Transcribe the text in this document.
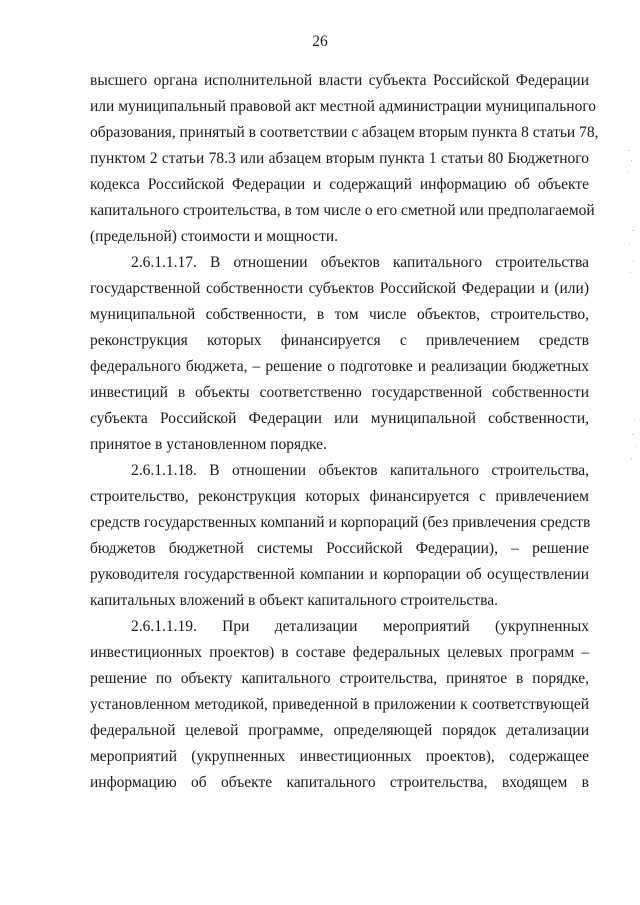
26
высшего органа исполнительной власти субъекта Российской Федерации
или муниципальный правовой акт местной администрации муниципального
образования, принятый в соответствии с абзацем вторым пункта 8 статьи 78,
пунктом 2 статьи 78.3 или абзацем вторым пункта 1 статьи 80 Бюджетного
кодекса Российской Федерации и содержащий информацию об объекте
капитального строительства, в том числе о его сметной или предполагаемой
(предельной) стоимости и мощности.
2.6.1.1.17. В отношении объектов капитального строительства
государственной собственности субъектов Российской Федерации и (или)
муниципальной собственности, в том числе объектов, строительство,
реконструкция которых финансируется с привлечением средств
федерального бюджета, – решение о подготовке и реализации бюджетных
инвестиций в объекты соответственно государственной собственности
субъекта Российской Федерации или муниципальной собственности,
принятое в установленном порядке.
2.6.1.1.18. В отношении объектов капитального строительства,
строительство, реконструкция которых финансируется с привлечением
средств государственных компаний и корпораций (без привлечения средств
бюджетов бюджетной системы Российской Федерации), – решение
руководителя государственной компании и корпорации об осуществлении
капитальных вложений в объект капитального строительства.
2.6.1.1.19. При детализации мероприятий (укрупненных
инвестиционных проектов) в составе федеральных целевых программ –
решение по объекту капитального строительства, принятое в порядке,
установленном методикой, приведенной в приложении к соответствующей
федеральной целевой программе, определяющей порядок детализации
мероприятий (укрупненных инвестиционных проектов), содержащее
информацию об объекте капитального строительства, входящем в
